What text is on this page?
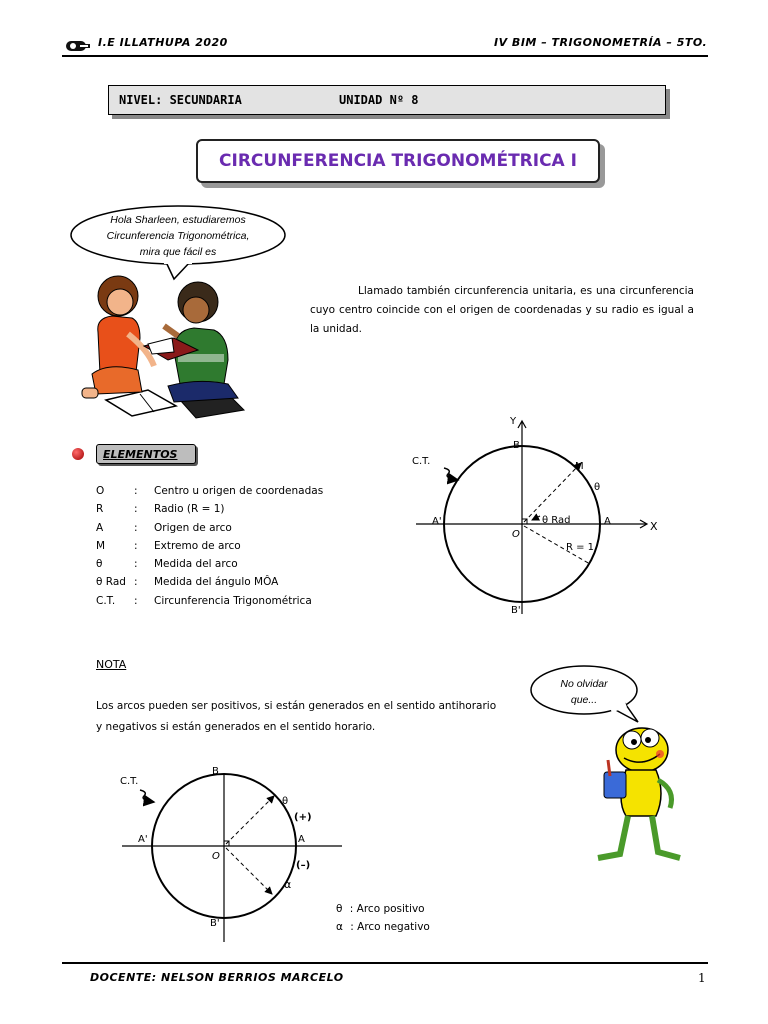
I.E ILLATHUPA 2020	IV BIM – TRIGONOMETRÍA – 5TO.
NIVEL: SECUNDARIA	UNIDAD Nº 8
CIRCUNFERENCIA TRIGONOMÉTRICA I
Hola Sharleen, estudiaremos
Circunferencia Trigonométrica,
mira que fácil es
Llamado también circunferencia unitaria, es una circunferencia cuyo centro coincide con el origen de coordenadas y su radio es igual a la unidad.
ELEMENTOS
O	: Centro u origen de coordenadas
R	: Radio (R = 1)
A	: Origen de arco
M	: Extremo de arco
θ	: Medida del arco
θ Rad : Medida del ángulo MÔA
C.T.	: Circunferencia Trigonométrica
Y
B
B'
A
A'	X
O
M
C.T.
θ
θ Rad
R = 1
NOTA
Los arcos pueden ser positivos, si están generados en el sentido antihorario
y negativos si están generados en el sentido horario.
No olvidar
que...
C.T.
B
B'
A
A'
O
θ
α
(+)
(–)
θ : Arco positivo
α : Arco negativo
DOCENTE: NELSON BERRIOS MARCELO	1
